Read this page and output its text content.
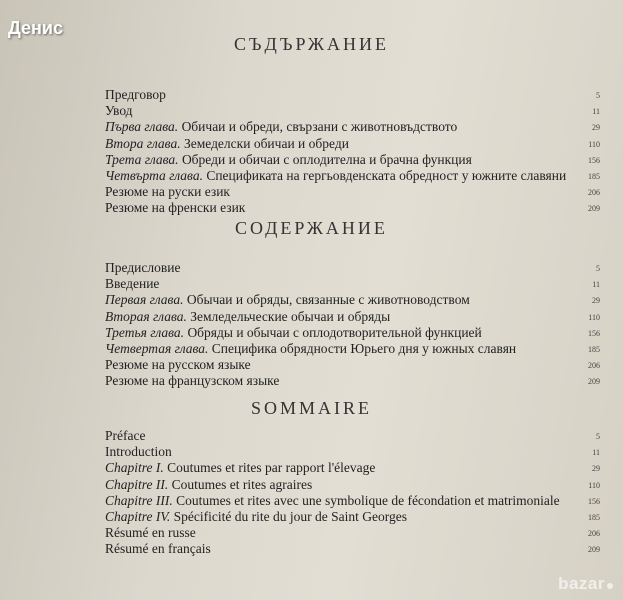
Денис
СЪДЪРЖАНИЕ
Предговор	5
Увод	11
Първа глава. Обичаи и обреди, свързани с животновъдството	29
Втора глава. Земеделски обичаи и обреди	110
Трета глава. Обреди и обичаи с оплодителна и брачна функция	156
Четвърта глава. Спецификата на гергьовденската обредност у южните славяни	185
Резюме на руски език	206
Резюме на френски език	209
СОДЕРЖАНИЕ
Предисловие	5
Введение	11
Первая глава. Обычаи и обряды, связанные с животноводством	29
Вторая глава. Земледельческие обычаи и обряды	110
Третья глава. Обряды и обычаи с оплодотворительной функцией	156
Четвертая глава. Специфика обрядности Юрьего дня у южных славян	185
Резюме на русском языке	206
Резюме на французском языке	209
SOMMAIRE
Préface	5
Introduction	11
Chapitre I. Coutumes et rites par rapport l'élevage	29
Chapitre II. Coutumes et rites agraires	110
Chapitre III. Coutumes et rites avec une symbolique de fécondation et matrimoniale	156
Chapitre IV. Spécificité du rite du jour de Saint Georges	185
Résumé en russe	206
Résumé en français	209
bazar
